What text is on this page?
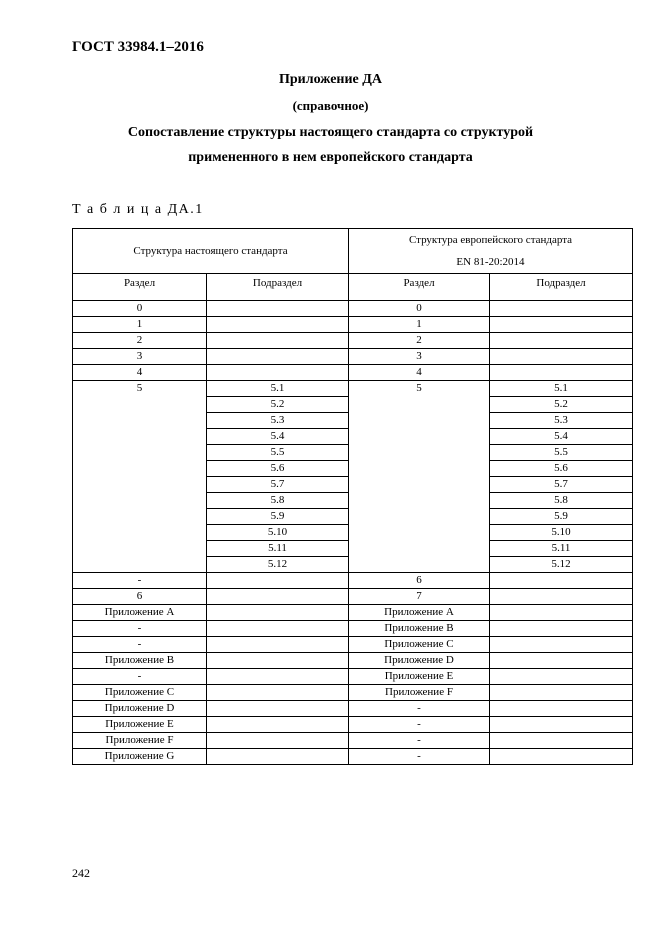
ГОСТ 33984.1–2016
Приложение ДА
(справочное)
Сопоставление структуры настоящего стандарта со структурой
примененного в нем европейского стандарта
Т а б л и ц а ДА.1
Структура настоящего стандарта		Структура европейского стандарта
EN 81-20:2014	

Раздел	Подраздел	Раздел	Подраздел
0		0	
1		1	
2		2	
3		3	
4		4	
5	5.1	5	5.1
	5.2		5.2
	5.3		5.3
	5.4		5.4
	5.5		5.5
	5.6		5.6
	5.7		5.7
	5.8		5.8
	5.9		5.9
	5.10		5.10
	5.11		5.11
	5.12		5.12
-		6	
6		7	
Приложение A		Приложение A	
-		Приложение B	
-		Приложение C	
Приложение B		Приложение D	
-		Приложение E	
Приложение C		Приложение F	
Приложение D		-	
Приложение E		-	
Приложение F		-	
Приложение G		-	
242
